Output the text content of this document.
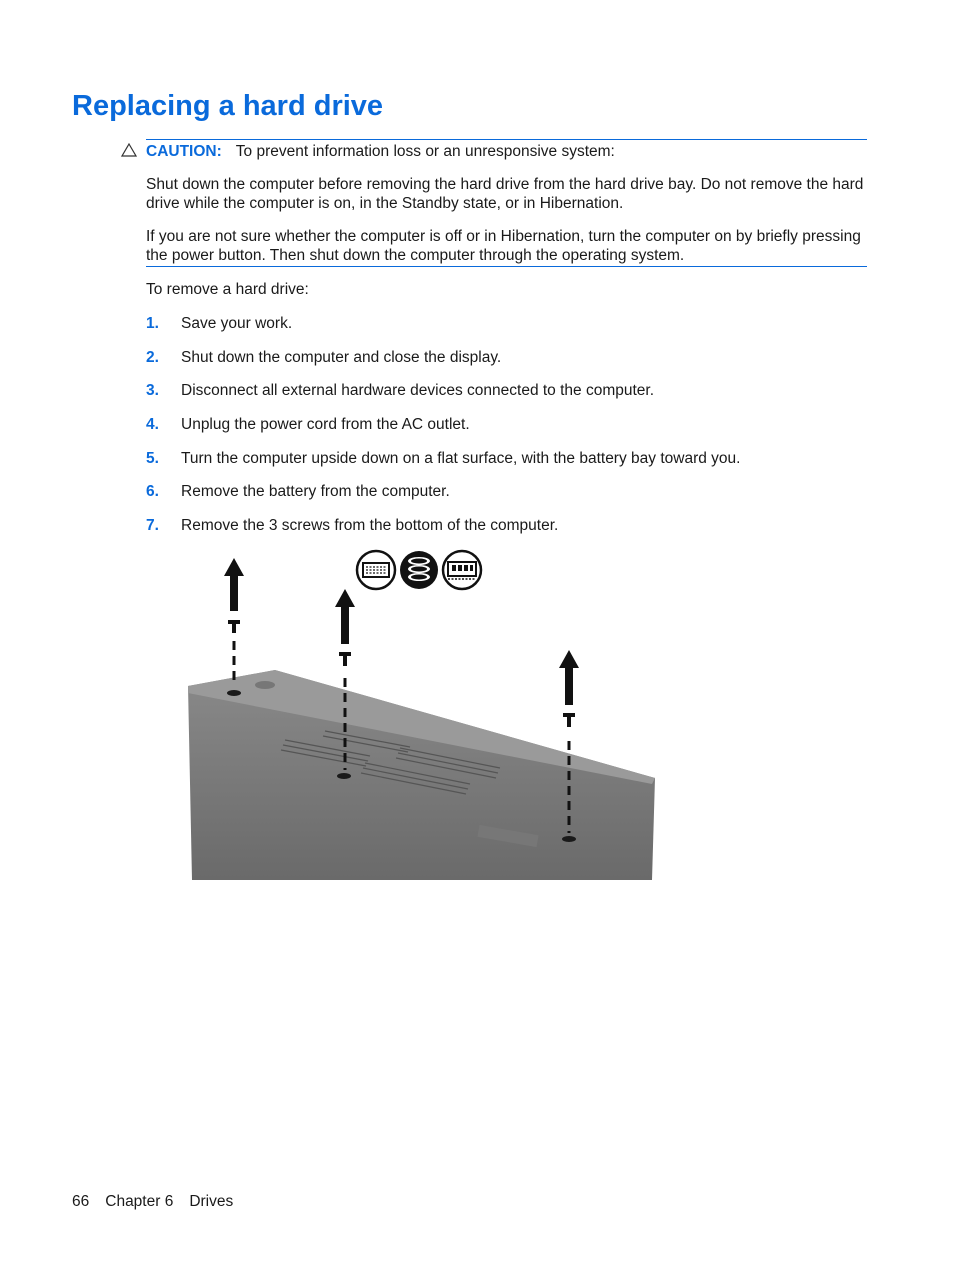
Replacing a hard drive
CAUTION: To prevent information loss or an unresponsive system:

Shut down the computer before removing the hard drive from the hard drive bay. Do not remove the hard drive while the computer is on, in the Standby state, or in Hibernation.

If you are not sure whether the computer is off or in Hibernation, turn the computer on by briefly pressing the power button. Then shut down the computer through the operating system.

To remove a hard drive:

1.	Save your work.
2.	Shut down the computer and close the display.
3.	Disconnect all external hardware devices connected to the computer.
4.	Unplug the power cord from the AC outlet.
5.	Turn the computer upside down on a flat surface, with the battery bay toward you.
6.	Remove the battery from the computer.
7.	Remove the 3 screws from the bottom of the computer.
66 Chapter 6 Drives
